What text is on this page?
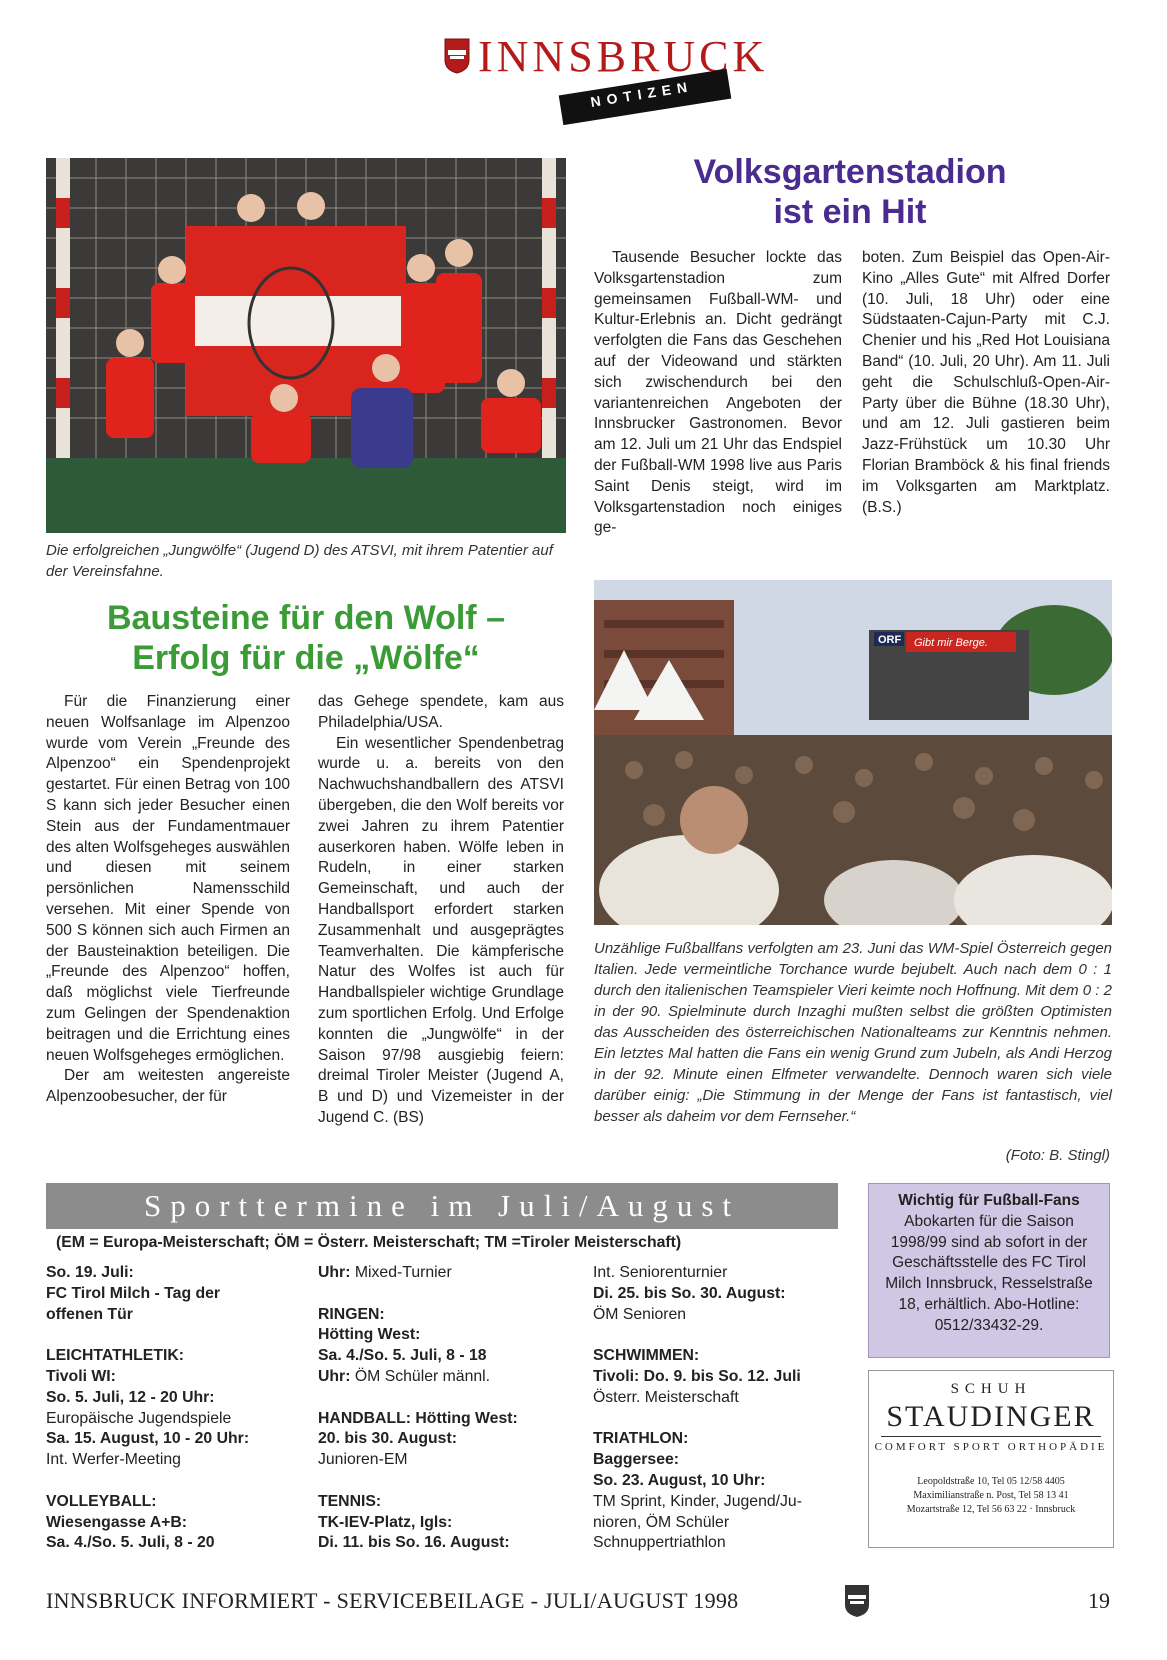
INNSBRUCK
NOTIZEN
Die erfolgreichen „Jungwölfe“ (Jugend D) des ATSVI, mit ihrem Patentier auf der Vereinsfahne.
Volksgartenstadion
ist ein Hit

Tausende Besucher lockte das Volksgartenstadion zum gemeinsamen Fußball-WM- und Kultur-Erlebnis an. Dicht gedrängt verfolgten die Fans das Geschehen auf der Videowand und stärkten sich zwischendurch bei den variantenreichen Angeboten der Innsbrucker Gastronomen. Bevor am 12. Juli um 21 Uhr das Endspiel der Fußball-WM 1998 live aus Paris Saint Denis steigt, wird im Volksgartenstadion noch einiges ge-

boten. Zum Beispiel das Open-Air-Kino „Alles Gute“ mit Alfred Dorfer (10. Juli, 18 Uhr) oder eine Südstaaten-Cajun-Party mit C.J. Chenier und his „Red Hot Louisiana Band“ (10. Juli, 20 Uhr). Am 11. Juli geht die Schulschluß-Open-Air-Party über die Bühne (18.30 Uhr), und am 12. Juli gastieren beim Jazz-Frühstück um 10.30 Uhr Florian Bramböck & his final friends im Volksgarten am Marktplatz. (B.S.)

ORF Gibt mir Berge.
Unzählige Fußballfans verfolgten am 23. Juni das WM-Spiel Österreich gegen Italien. Jede vermeintliche Torchance wurde bejubelt. Auch nach dem 0 : 1 durch den italienischen Teamspieler Vieri keimte noch Hoffnung. Mit dem 0 : 2 in der 90. Spielminute durch Inzaghi mußten selbst die größten Optimisten das Ausscheiden des österreichischen Nationalteams zur Kenntnis nehmen. Ein letztes Mal hatten die Fans ein wenig Grund zum Jubeln, als Andi Herzog in der 92. Minute einen Elfmeter verwandelte. Dennoch waren sich viele darüber einig: „Die Stimmung in der Menge der Fans ist fantastisch, viel besser als daheim vor dem Fernseher.“
(Foto: B. Stingl)
Bausteine für den Wolf –
Erfolg für die „Wölfe“

Für die Finanzierung einer neuen Wolfsanlage im Alpenzoo wurde vom Verein „Freunde des Alpenzoo“ ein Spendenprojekt gestartet. Für einen Betrag von 100 S kann sich jeder Besucher einen Stein aus der Fundamentmauer des alten Wolfsgeheges auswählen und diesen mit seinem persönlichen Namensschild versehen. Mit einer Spende von 500 S können sich auch Firmen an der Bausteinaktion beteiligen. Die „Freunde des Alpenzoo“ hoffen, daß möglichst viele Tierfreunde zum Gelingen der Spendenaktion beitragen und die Errichtung eines neuen Wolfsgeheges ermöglichen.

Der am weitesten angereiste Alpenzoobesucher, der für

das Gehege spendete, kam aus Philadelphia/USA.

Ein wesentlicher Spendenbetrag wurde u. a. bereits von den Nachwuchshandballern des ATSVI übergeben, die den Wolf bereits vor zwei Jahren zu ihrem Patentier auserkoren haben. Wölfe leben in Rudeln, in einer starken Gemeinschaft, und auch der Handballsport erfordert starken Zusammenhalt und ausgeprägtes Teamverhalten. Die kämpferische Natur des Wolfes ist auch für Handballspieler wichtige Grundlage zum sportlichen Erfolg. Und Erfolge konnten die „Jungwölfe“ in der Saison 97/98 ausgiebig feiern: dreimal Tiroler Meister (Jugend A, B und D) und Vizemeister in der Jugend C. (BS)

Sporttermine im Juli/August
(EM = Europa-Meisterschaft; ÖM = Österr. Meisterschaft; TM =Tiroler Meisterschaft)
So. 19. Juli:
FC Tirol Milch - Tag der
offenen Tür
LEICHTATHLETIK:
Tivoli WI:
So. 5. Juli, 12 - 20 Uhr:
Europäische Jugendspiele
Sa. 15. August, 10 - 20 Uhr:
Int. Werfer-Meeting
VOLLEYBALL:
Wiesengasse A+B:
Sa. 4./So. 5. Juli, 8 - 20
Uhr: Mixed-Turnier
RINGEN:
Hötting West:
Sa. 4./So. 5. Juli, 8 - 18
Uhr: ÖM Schüler männl.
HANDBALL: Hötting West:
20. bis 30. August:
Junioren-EM
TENNIS:
TK-IEV-Platz, Igls:
Di. 11. bis So. 16. August:
Int. Seniorenturnier
Di. 25. bis So. 30. August:
ÖM Senioren
SCHWIMMEN:
Tivoli: Do. 9. bis So. 12. Juli
Österr. Meisterschaft
TRIATHLON:
Baggersee:
So. 23. August, 10 Uhr:
TM Sprint, Kinder, Jugend/Ju-
nioren, ÖM Schüler
Schnuppertriathlon
Wichtig für Fußball-Fans
Abokarten für die Saison 1998/99 sind ab sofort in der Geschäftsstelle des FC Tirol Milch Innsbruck, Resselstraße 18, erhältlich. Abo-Hotline: 0512/33432-29.
SCHUH
STAUDINGER
COMFORT SPORT ORTHOPÄDIE
Leopoldstraße 10, Tel 05 12/58 4405
Maximilianstraße n. Post, Tel 58 13 41
Mozartstraße 12, Tel 56 63 22 · Innsbruck
INNSBRUCK INFORMIERT - SERVICEBEILAGE - JULI/AUGUST 1998	19
